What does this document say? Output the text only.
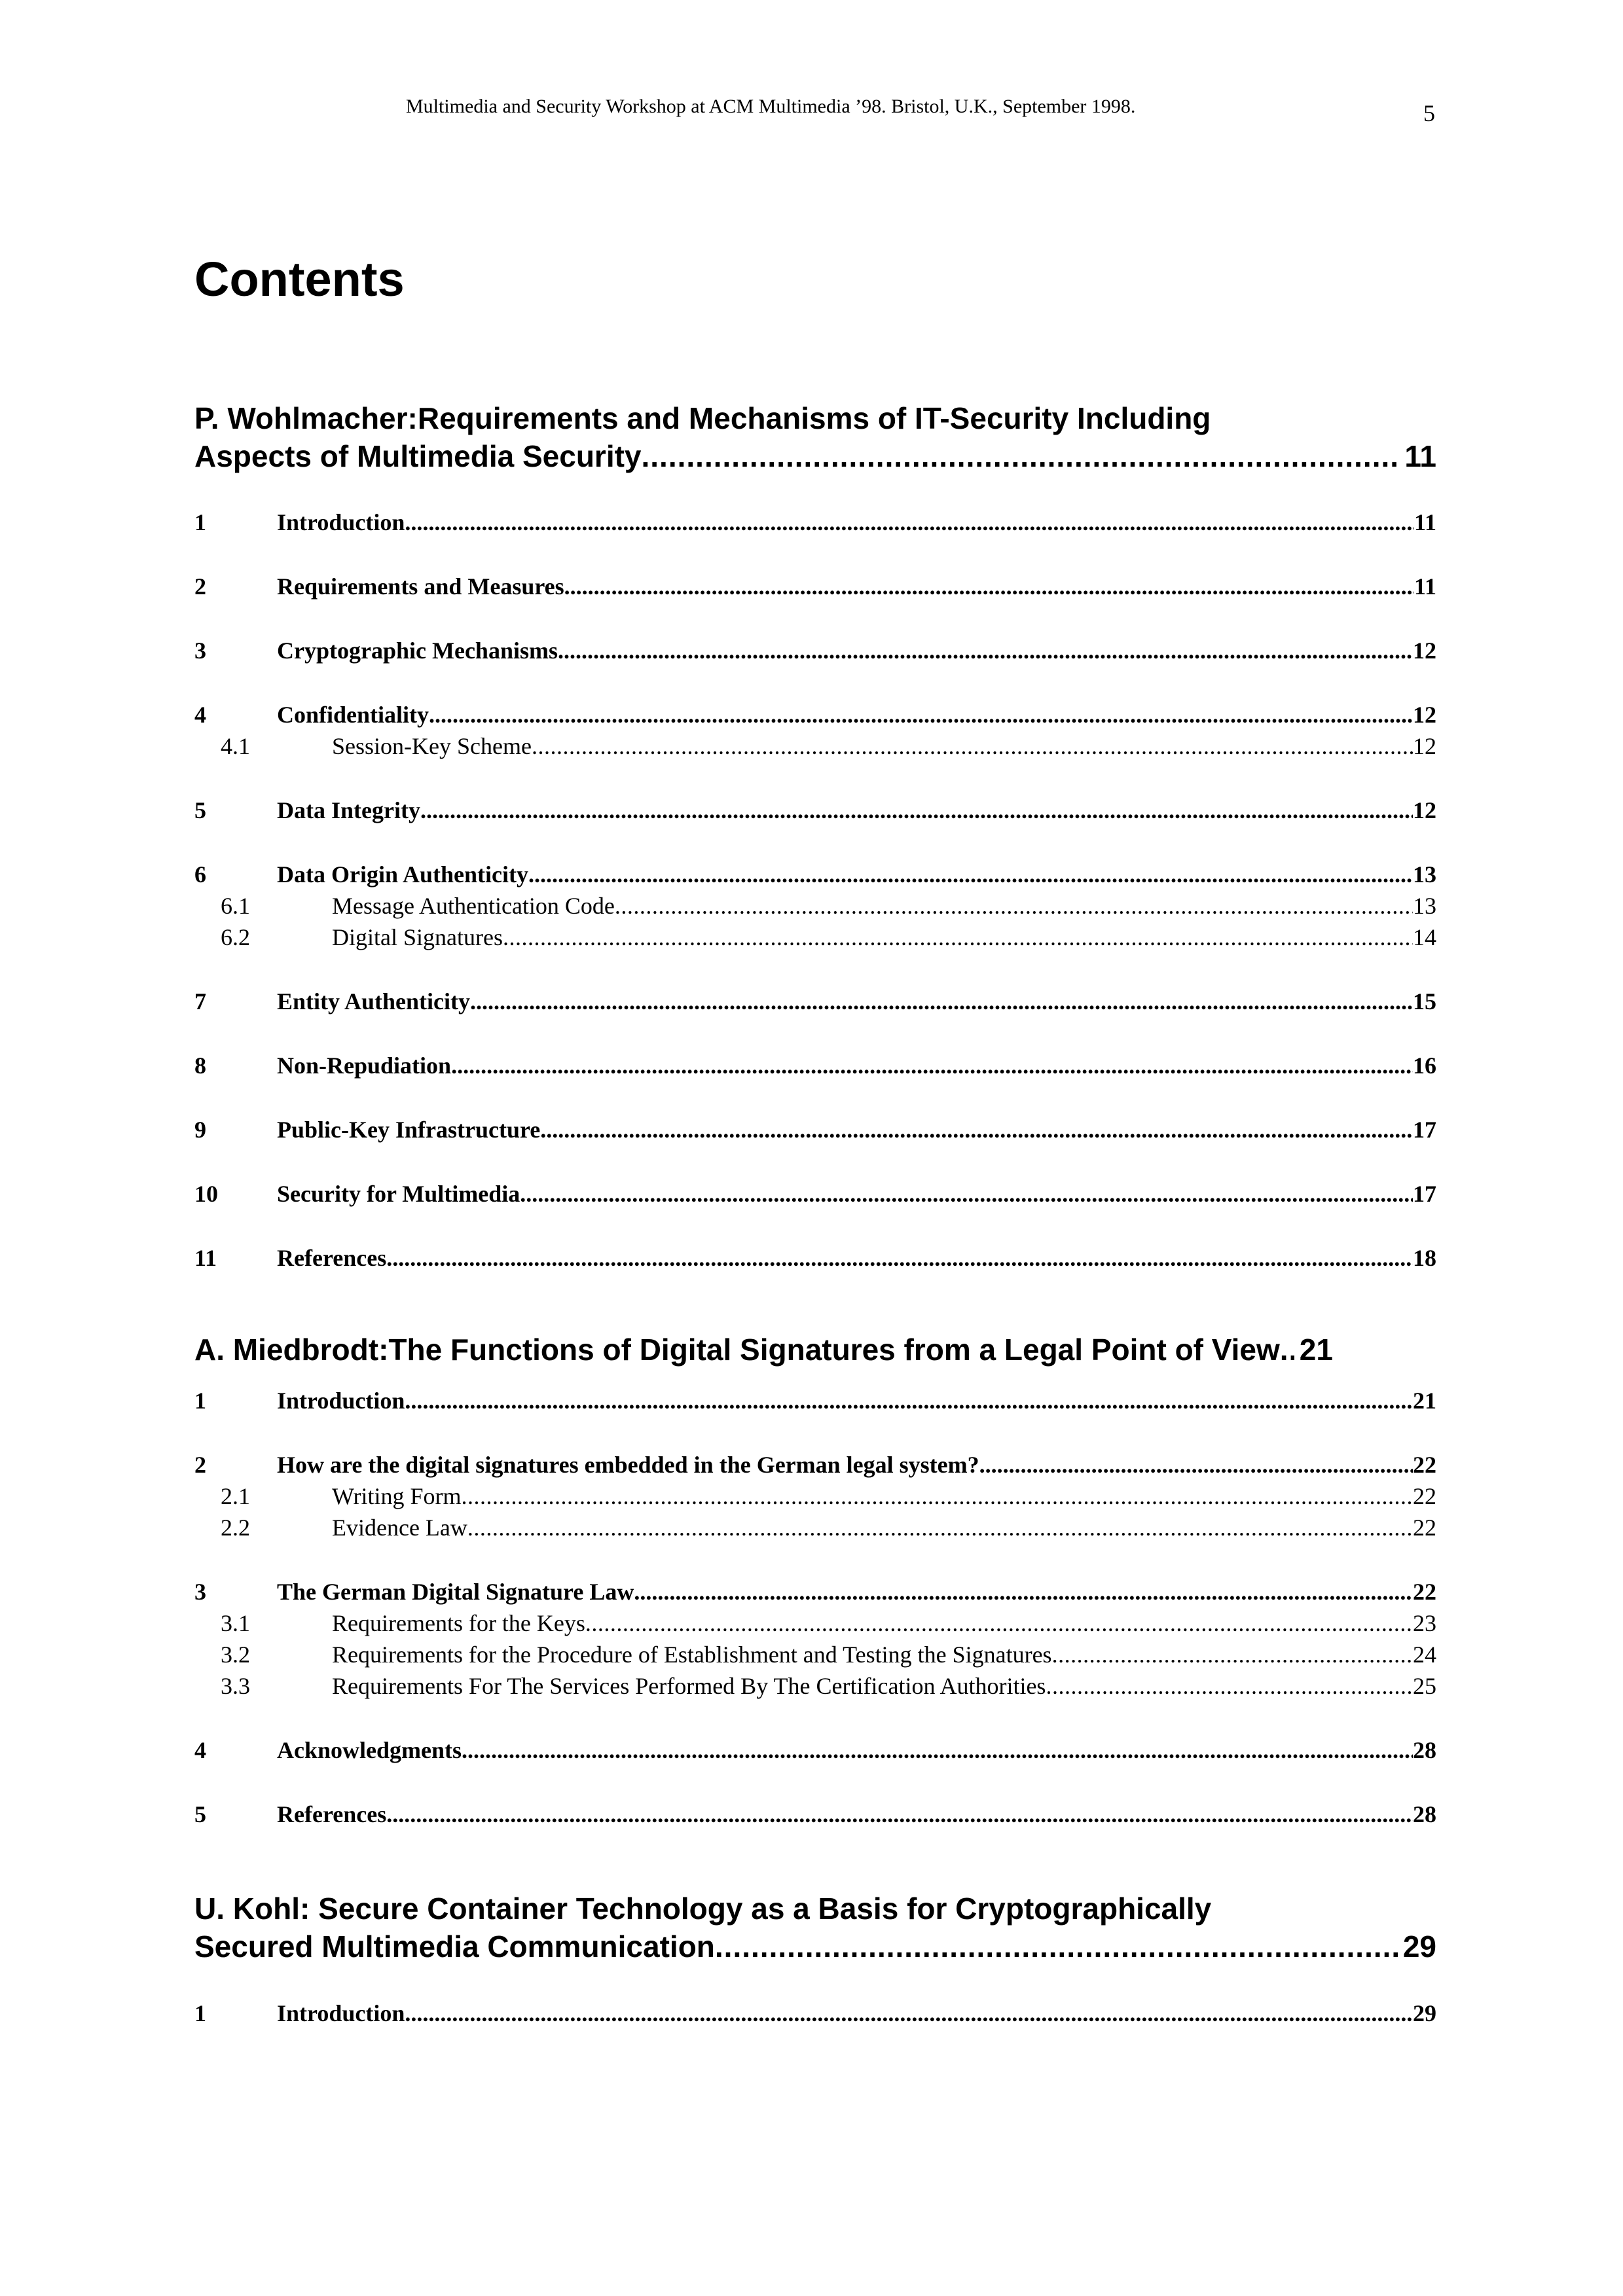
Multimedia and Security Workshop at ACM Multimedia ’98. Bristol, U.K., September 1998.	5
Contents
P. Wohlmacher:Requirements and Mechanisms of IT-Security Including
Aspects of Multimedia Security .....	11
1	Introduction .....	11
2	Requirements and Measures .....	11
3	Cryptographic Mechanisms .....	12
4	Confidentiality .....	12
4.1	Session-Key Scheme .....	12
5	Data Integrity .....	12
6	Data Origin Authenticity .....	13
6.1	Message Authentication Code .....	13
6.2	Digital Signatures .....	14
7	Entity Authenticity .....	15
8	Non-Repudiation .....	16
9	Public-Key Infrastructure .....	17
10	Security for Multimedia .....	17
11	References .....	18
A. Miedbrodt:The Functions of Digital Signatures from a Legal Point of View ..... 21
1	Introduction .....	21
2	How are the digital signatures embedded in the German legal system? .....	22
2.1	Writing Form .....	22
2.2	Evidence Law .....	22
3	The German Digital Signature Law .....	22
3.1	Requirements for the Keys .....	23
3.2	Requirements for the Procedure of Establishment and Testing the Signatures .....	24
3.3	Requirements For The Services Performed By The Certification Authorities .....	25
4	Acknowledgments .....	28
5	References .....	28
U. Kohl: Secure Container Technology as a Basis for Cryptographically
Secured Multimedia Communication .....	29
1	Introduction .....	29
